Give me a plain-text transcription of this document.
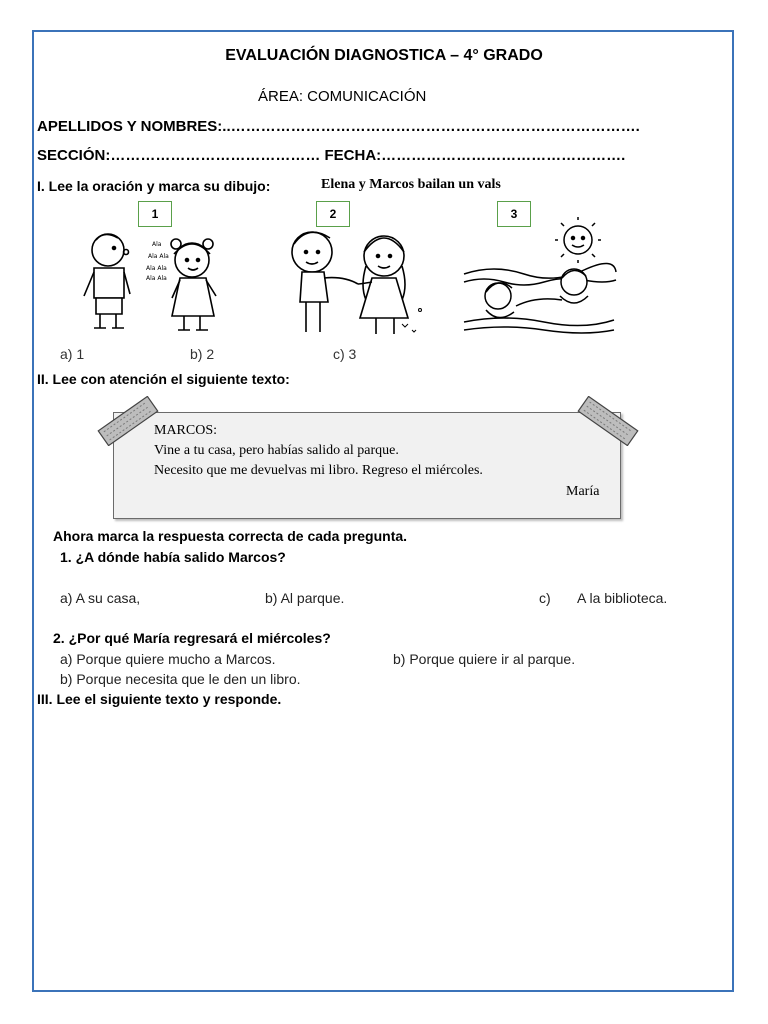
EVALUACIÓN DIAGNOSTICA – 4° GRADO
ÁREA: COMUNICACIÓN
APELLIDOS Y NOMBRES:..……………………………………………………………………….
SECCIÓN:…………………………………… FECHA:………………………………………….
I. Lee la oración y marca su dibujo:	Elena y Marcos bailan un vals
1	2	3
Ala
Ala Ala
Ala Ala
Ala Ala
a) 1	b) 2	c) 3
II. Lee con atención el siguiente texto:
MARCOS:
Vine a tu casa, pero habías salido al parque.
Necesito que me devuelvas mi libro. Regreso el miércoles.
María
Ahora marca la respuesta correcta de cada pregunta.
1. ¿A dónde había salido Marcos?
a) A su casa,	b) Al parque.	c) A la biblioteca.
2. ¿Por qué María regresará el miércoles?
a) Porque quiere mucho a Marcos.	b) Porque quiere ir al parque.
b) Porque necesita que le den un libro.
III. Lee el siguiente texto y responde.
